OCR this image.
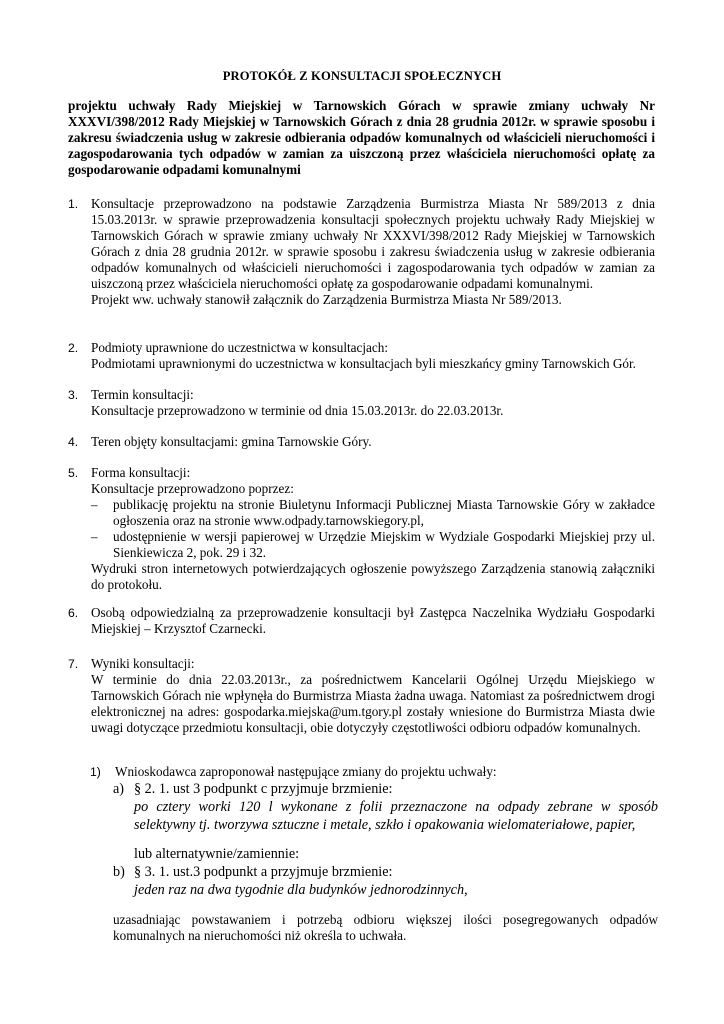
PROTOKÓŁ Z KONSULTACJI SPOŁECZNYCH
projektu uchwały Rady Miejskiej w Tarnowskich Górach w sprawie zmiany uchwały Nr XXXVI/398/2012 Rady Miejskiej w Tarnowskich Górach z dnia 28 grudnia 2012r. w sprawie sposobu i zakresu świadczenia usług w zakresie odbierania odpadów komunalnych od właścicieli nieruchomości i zagospodarowania tych odpadów w zamian za uiszczoną przez właściciela nieruchomości opłatę za gospodarowanie odpadami komunalnymi
1. Konsultacje przeprowadzono na podstawie Zarządzenia Burmistrza Miasta Nr 589/2013 z dnia 15.03.2013r. w sprawie przeprowadzenia konsultacji społecznych projektu uchwały Rady Miejskiej w Tarnowskich Górach w sprawie zmiany uchwały Nr XXXVI/398/2012 Rady Miejskiej w Tarnowskich Górach z dnia 28 grudnia 2012r. w sprawie sposobu i zakresu świadczenia usług w zakresie odbierania odpadów komunalnych od właścicieli nieruchomości i zagospodarowania tych odpadów w zamian za uiszczoną przez właściciela nieruchomości opłatę za gospodarowanie odpadami komunalnymi.

Projekt ww. uchwały stanowił załącznik do Zarządzenia Burmistrza Miasta Nr 589/2013.

2. Podmioty uprawnione do uczestnictwa w konsultacjach:

Podmiotami uprawnionymi do uczestnictwa w konsultacjach byli mieszkańcy gminy Tarnowskich Gór.

3. Termin konsultacji:

Konsultacje przeprowadzono w terminie od dnia 15.03.2013r. do 22.03.2013r.

4. Teren objęty konsultacjami: gmina Tarnowskie Góry.

5. Forma konsultacji:

Konsultacje przeprowadzono poprzez:

– publikację projektu na stronie Biuletynu Informacji Publicznej Miasta Tarnowskie Góry w zakładce ogłoszenia oraz na stronie www.odpady.tarnowskiegory.pl,
– udostępnienie w wersji papierowej w Urzędzie Miejskim w Wydziale Gospodarki Miejskiej przy ul. Sienkiewicza 2, pok. 29 i 32.

Wydruki stron internetowych potwierdzających ogłoszenie powyższego Zarządzenia stanowią załączniki do protokołu.

6. Osobą odpowiedzialną za przeprowadzenie konsultacji był Zastępca Naczelnika Wydziału Gospodarki Miejskiej – Krzysztof Czarnecki.

7. Wyniki konsultacji:

W terminie do dnia 22.03.2013r., za pośrednictwem Kancelarii Ogólnej Urzędu Miejskiego w Tarnowskich Górach nie wpłynęła do Burmistrza Miasta żadna uwaga. Natomiast za pośrednictwem drogi elektronicznej na adres: gospodarka.miejska@um.tgory.pl zostały wniesione do Burmistrza Miasta dwie uwagi dotyczące przedmiotu konsultacji, obie dotyczyły częstotliwości odbioru odpadów komunalnych.

1) Wnioskodawca zaproponował następujące zmiany do projektu uchwały:
a) § 2. 1. ust 3 podpunkt c przyjmuje brzmienie:
po cztery worki 120 l wykonane z folii przeznaczone na odpady zebrane w sposób selektywny tj. tworzywa sztuczne i metale, szkło i opakowania wielomateriałowe, papier,
lub alternatywnie/zamiennie:
b) § 3. 1. ust.3 podpunkt a przyjmuje brzmienie:
jeden raz na dwa tygodnie dla budynków jednorodzinnych,
uzasadniając powstawaniem i potrzebą odbioru większej ilości posegregowanych odpadów komunalnych na nieruchomości niż określa to uchwała.
